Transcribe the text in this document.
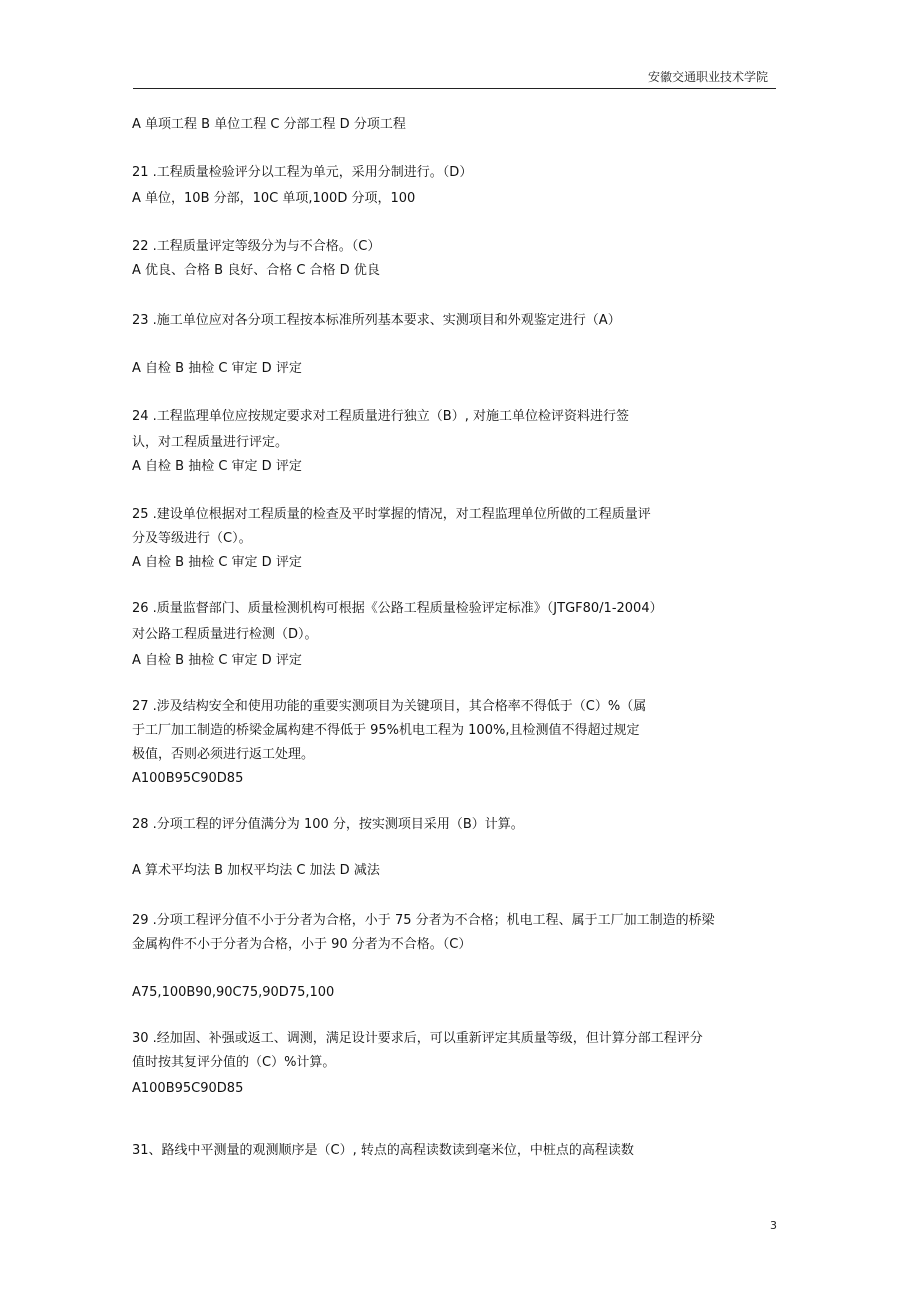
安徽交通职业技术学院
A 单项工程 B 单位工程 C 分部工程 D 分项工程
21 .工程质量检验评分以工程为单元，采用分制进行。（D）
A 单位，10B 分部，10C 单项,100D 分项，100
22 .工程质量评定等级分为与不合格。（C）
A 优良、合格 B 良好、合格 C 合格 D 优良
23 .施工单位应对各分项工程按本标准所列基本要求、实测项目和外观鉴定进行（A）
A 自检 B 抽检 C 审定 D 评定
24 .工程监理单位应按规定要求对工程质量进行独立（B）, 对施工单位检评资料进行签
认，对工程质量进行评定。
A 自检 B 抽检 C 审定 D 评定
25 .建设单位根据对工程质量的检查及平时掌握的情况，对工程监理单位所做的工程质量评
分及等级进行（C）。
A 自检 B 抽检 C 审定 D 评定
26 .质量监督部门、质量检测机构可根据《公路工程质量检验评定标准》（JTGF80/1-2004）
对公路工程质量进行检测（D）。
A 自检 B 抽检 C 审定 D 评定
27 .涉及结构安全和使用功能的重要实测项目为关键项目，其合格率不得低于（C）%（属
于工厂加工制造的桥梁金属构建不得低于 95%机电工程为 100%,且检测值不得超过规定
极值，否则必须进行返工处理。
A100B95C90D85
28 .分项工程的评分值满分为 100 分，按实测项目采用（B）计算。
A 算术平均法 B 加权平均法 C 加法 D 减法
29 .分项工程评分值不小于分者为合格，小于 75 分者为不合格；机电工程、属于工厂加工制造的桥梁
金属构件不小于分者为合格，小于 90 分者为不合格。（C）
A75,100B90,90C75,90D75,100
30 .经加固、补强或返工、调测，满足设计要求后，可以重新评定其质量等级，但计算分部工程评分
值时按其复评分值的（C）%计算。
A100B95C90D85
31、路线中平测量的观测顺序是（C）, 转点的高程读数读到毫米位，中桩点的高程读数
3
